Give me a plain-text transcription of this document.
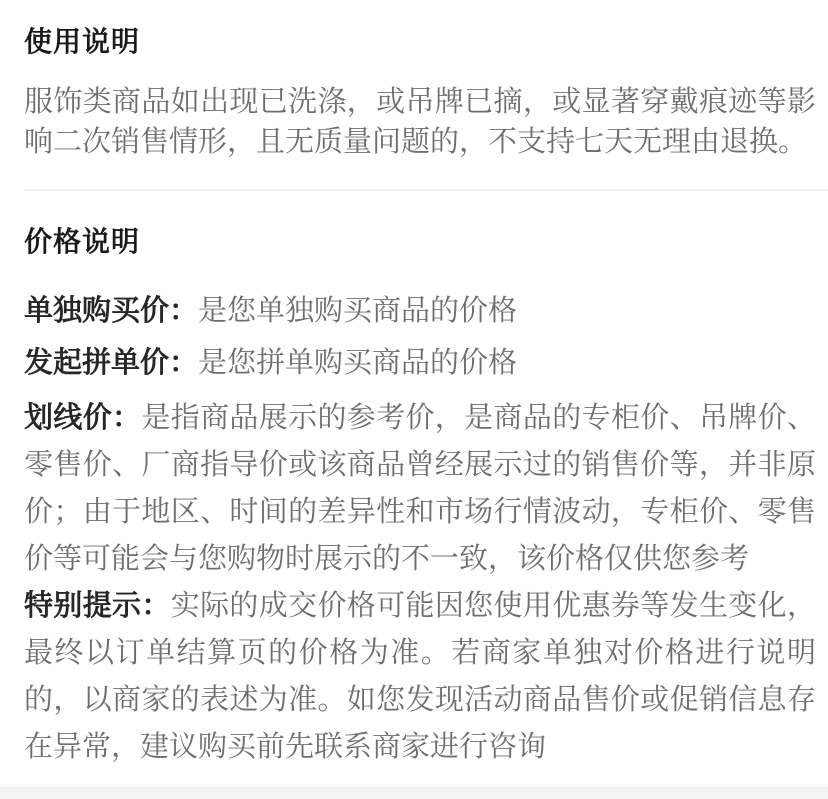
使用说明

服饰类商品如出现已洗涤，或吊牌已摘，或显著穿戴痕迹等影响二次销售情形，且无质量问题的，不支持七天无理由退换。

价格说明

单独购买价：是您单独购买商品的价格

发起拼单价：是您拼单购买商品的价格

划线价：是指商品展示的参考价，是商品的专柜价、吊牌价、零售价、厂商指导价或该商品曾经展示过的销售价等，并非原价；由于地区、时间的差异性和市场行情波动，专柜价、零售价等可能会与您购物时展示的不一致，该价格仅供您参考

特别提示：实际的成交价格可能因您使用优惠券等发生变化，最终以订单结算页的价格为准。若商家单独对价格进行说明的，以商家的表述为准。如您发现活动商品售价或促销信息存在异常，建议购买前先联系商家进行咨询
